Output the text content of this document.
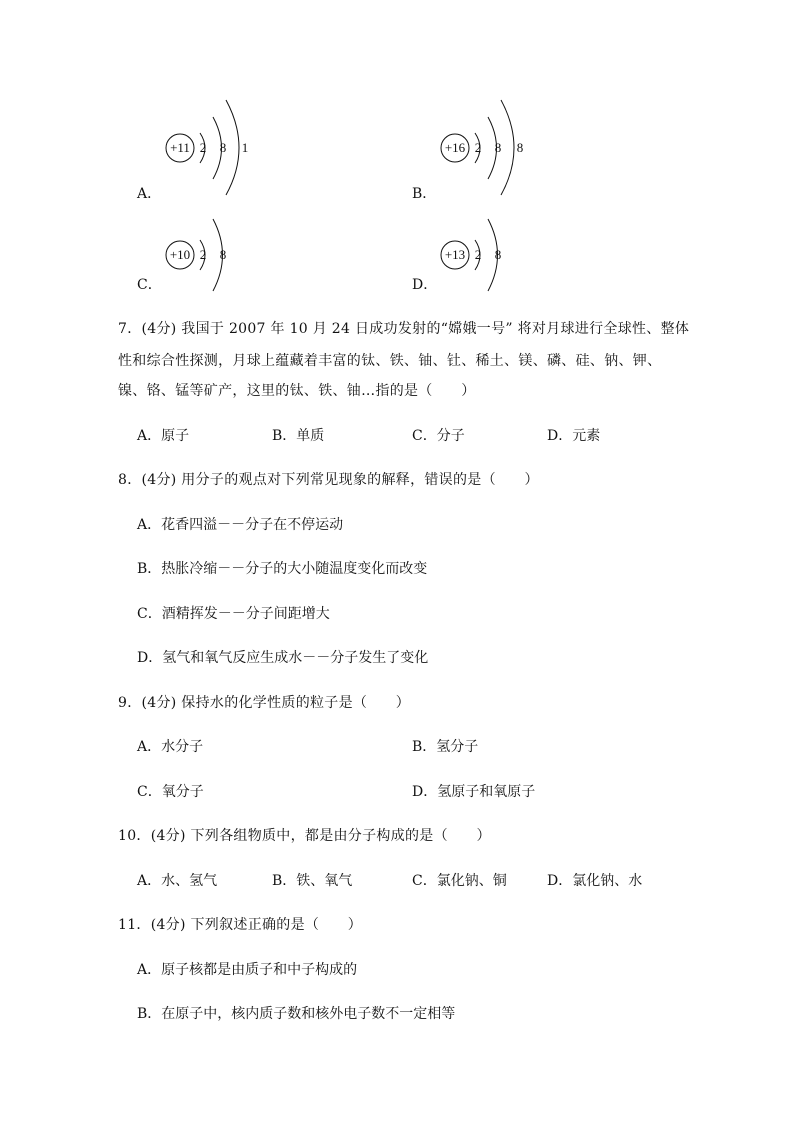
+11 2 8 1
A．
+16 2 8 8
B．
+10 2 8
C．
+13 2 8
D．
7．(4分) 我国于 2007 年 10 月 24 日成功发射的“嫦娥一号” 将对月球进行全球性、整体
性和综合性探测，月球上蕴藏着丰富的钛、铁、铀、钍、稀土、镁、磷、硅、钠、钾、
镍、铬、锰等矿产，这里的钛、铁、铀…指的是（　　）
A．原子	B．单质	C．分子	D．元素
8．(4分) 用分子的观点对下列常见现象的解释，错误的是（　　）
A．花香四溢－－分子在不停运动
B．热胀冷缩－－分子的大小随温度变化而改变
C．酒精挥发－－分子间距增大
D．氢气和氧气反应生成水－－分子发生了变化
9．(4分) 保持水的化学性质的粒子是（　　）
A．水分子	B．氢分子
C．氧分子	D．氢原子和氧原子
10．(4分) 下列各组物质中，都是由分子构成的是（　　）
A．水、氢气	B．铁、氧气	C．氯化钠、铜	D．氯化钠、水
11．(4分) 下列叙述正确的是（　　）
A．原子核都是由质子和中子构成的
B．在原子中，核内质子数和核外电子数不一定相等
